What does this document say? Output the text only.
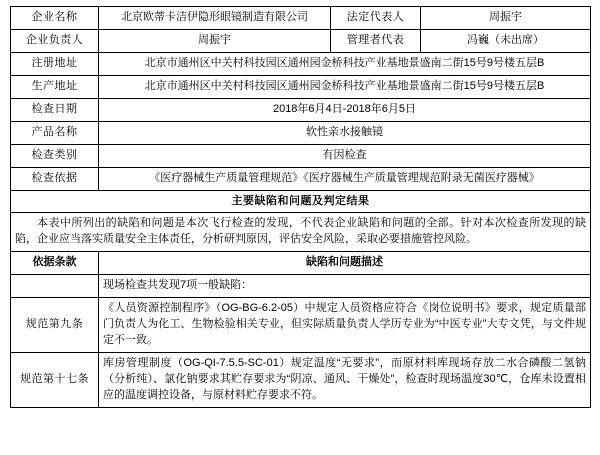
企业名称	北京欧蒂卡洁伊隐形眼镜制造有限公司	法定代表人	周振宇
企业负责人	周振宇	管理者代表	冯巍（未出席）
注册地址	北京市通州区中关村科技园区通州园金桥科技产业基地景盛南二街15号9号楼五层B		
生产地址	北京市通州区中关村科技园区通州园金桥科技产业基地景盛南二街15号9号楼五层B		
检查日期	2018年6月4日-2018年6月5日		
产品名称	软性亲水接触镜		
检查类别	有因检查		
检查依据	《医疗器械生产质量管理规范》《医疗器械生产质量管理规范附录无菌医疗器械》		
主要缺陷和问题及判定结果			

本表中所列出的缺陷和问题是本次飞行检查的发现，不代表企业缺陷和问题的全部。针对本次检查所发现的缺陷，企业应当落实质量安全主体责任，分析研判原因，评估安全风险，采取必要措施管控风险。			

依据条款	缺陷和问题描述		

	现场检查共发现7项一般缺陷：		

规范第九条	《人员资源控制程序》（OG-BG-6.2-05）中规定人员资格应符合《岗位说明书》要求，规定质量部门负责人为化工、生物检验相关专业，但实际质量负责人学历专业为“中医专业”大专文凭，与文件规定不一致。		

规范第十七条	库房管理制度（OG-QI-7.5.5-SC-01）规定温度“无要求”，而原材料库现场存放二水合磷酸二氢钠（分析纯）、氯化钠要求其贮存要求为“阴凉、通风、干燥处”，检查时现场温度30℃，仓库未设置相应的温度调控设备，与原材料贮存要求不符。		
